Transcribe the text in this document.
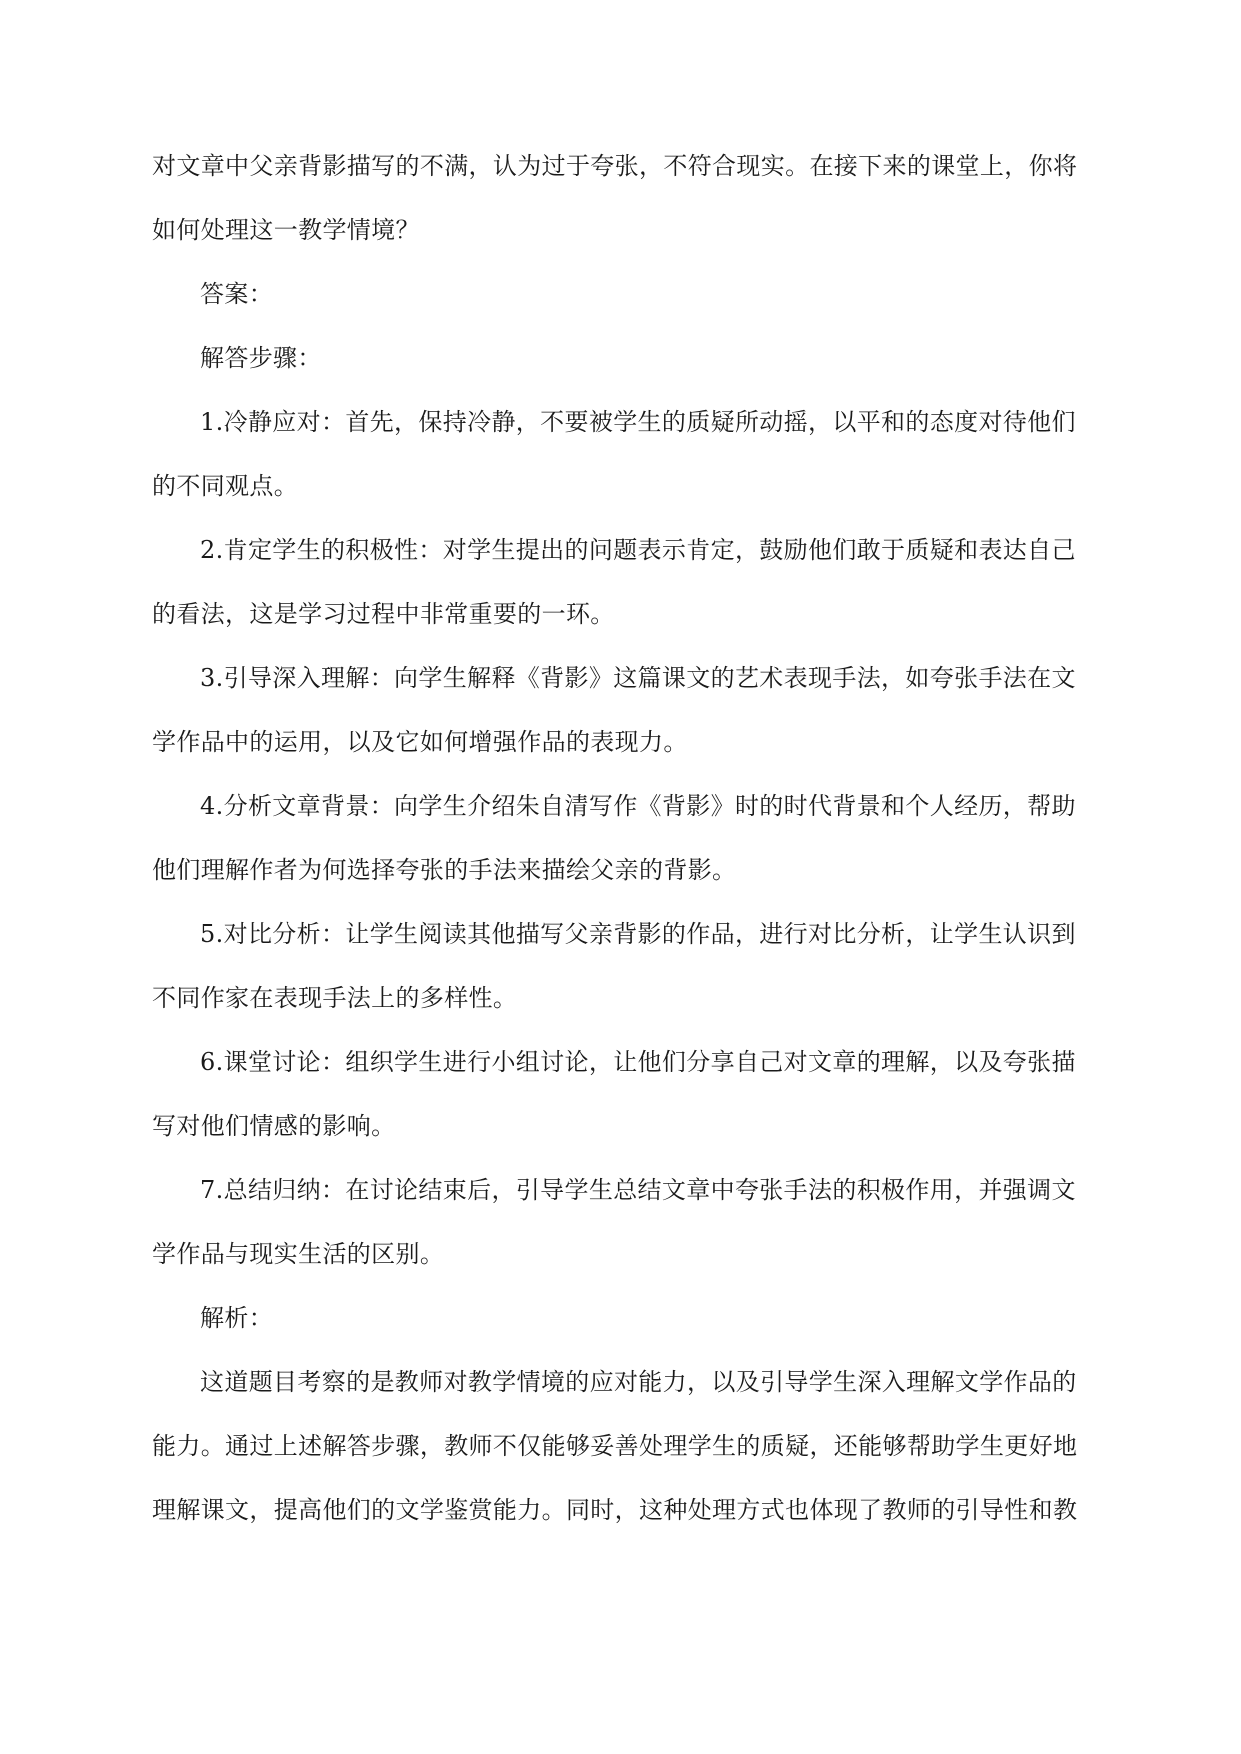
对文章中父亲背影描写的不满，认为过于夸张，不符合现实。在接下来的课堂上，你将
如何处理这一教学情境？
答案：
解答步骤：
1.冷静应对：首先，保持冷静，不要被学生的质疑所动摇，以平和的态度对待他们
的不同观点。
2.肯定学生的积极性：对学生提出的问题表示肯定，鼓励他们敢于质疑和表达自己
的看法，这是学习过程中非常重要的一环。
3.引导深入理解：向学生解释《背影》这篇课文的艺术表现手法，如夸张手法在文
学作品中的运用，以及它如何增强作品的表现力。
4.分析文章背景：向学生介绍朱自清写作《背影》时的时代背景和个人经历，帮助
他们理解作者为何选择夸张的手法来描绘父亲的背影。
5.对比分析：让学生阅读其他描写父亲背影的作品，进行对比分析，让学生认识到
不同作家在表现手法上的多样性。
6.课堂讨论：组织学生进行小组讨论，让他们分享自己对文章的理解，以及夸张描
写对他们情感的影响。
7.总结归纳：在讨论结束后，引导学生总结文章中夸张手法的积极作用，并强调文
学作品与现实生活的区别。
解析：
这道题目考察的是教师对教学情境的应对能力，以及引导学生深入理解文学作品的
能力。通过上述解答步骤，教师不仅能够妥善处理学生的质疑，还能够帮助学生更好地
理解课文，提高他们的文学鉴赏能力。同时，这种处理方式也体现了教师的引导性和教
